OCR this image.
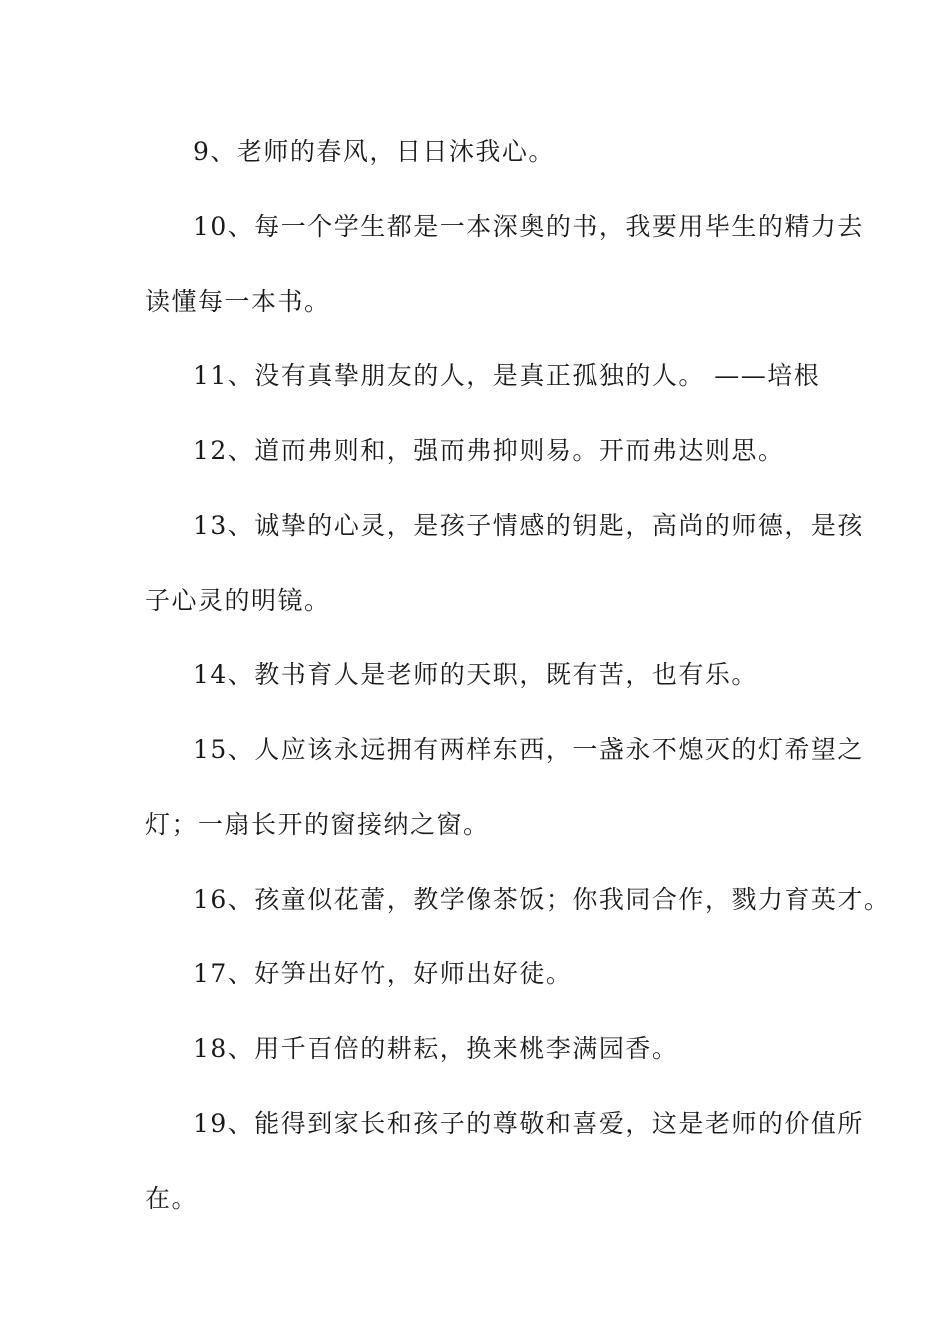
9、老师的春风，日日沐我心。
10、每一个学生都是一本深奥的书，我要用毕生的精力去
读懂每一本书。
11、没有真挚朋友的人，是真正孤独的人。 ——培根
12、道而弗则和，强而弗抑则易。开而弗达则思。
13、诚挚的心灵，是孩子情感的钥匙，高尚的师德，是孩
子心灵的明镜。
14、教书育人是老师的天职，既有苦，也有乐。
15、人应该永远拥有两样东西，一盏永不熄灭的灯希望之
灯；一扇长开的窗接纳之窗。
16、孩童似花蕾，教学像茶饭；你我同合作，戮力育英才。
17、好笋出好竹，好师出好徒。
18、用千百倍的耕耘，换来桃李满园香。
19、能得到家长和孩子的尊敬和喜爱，这是老师的价值所
在。
